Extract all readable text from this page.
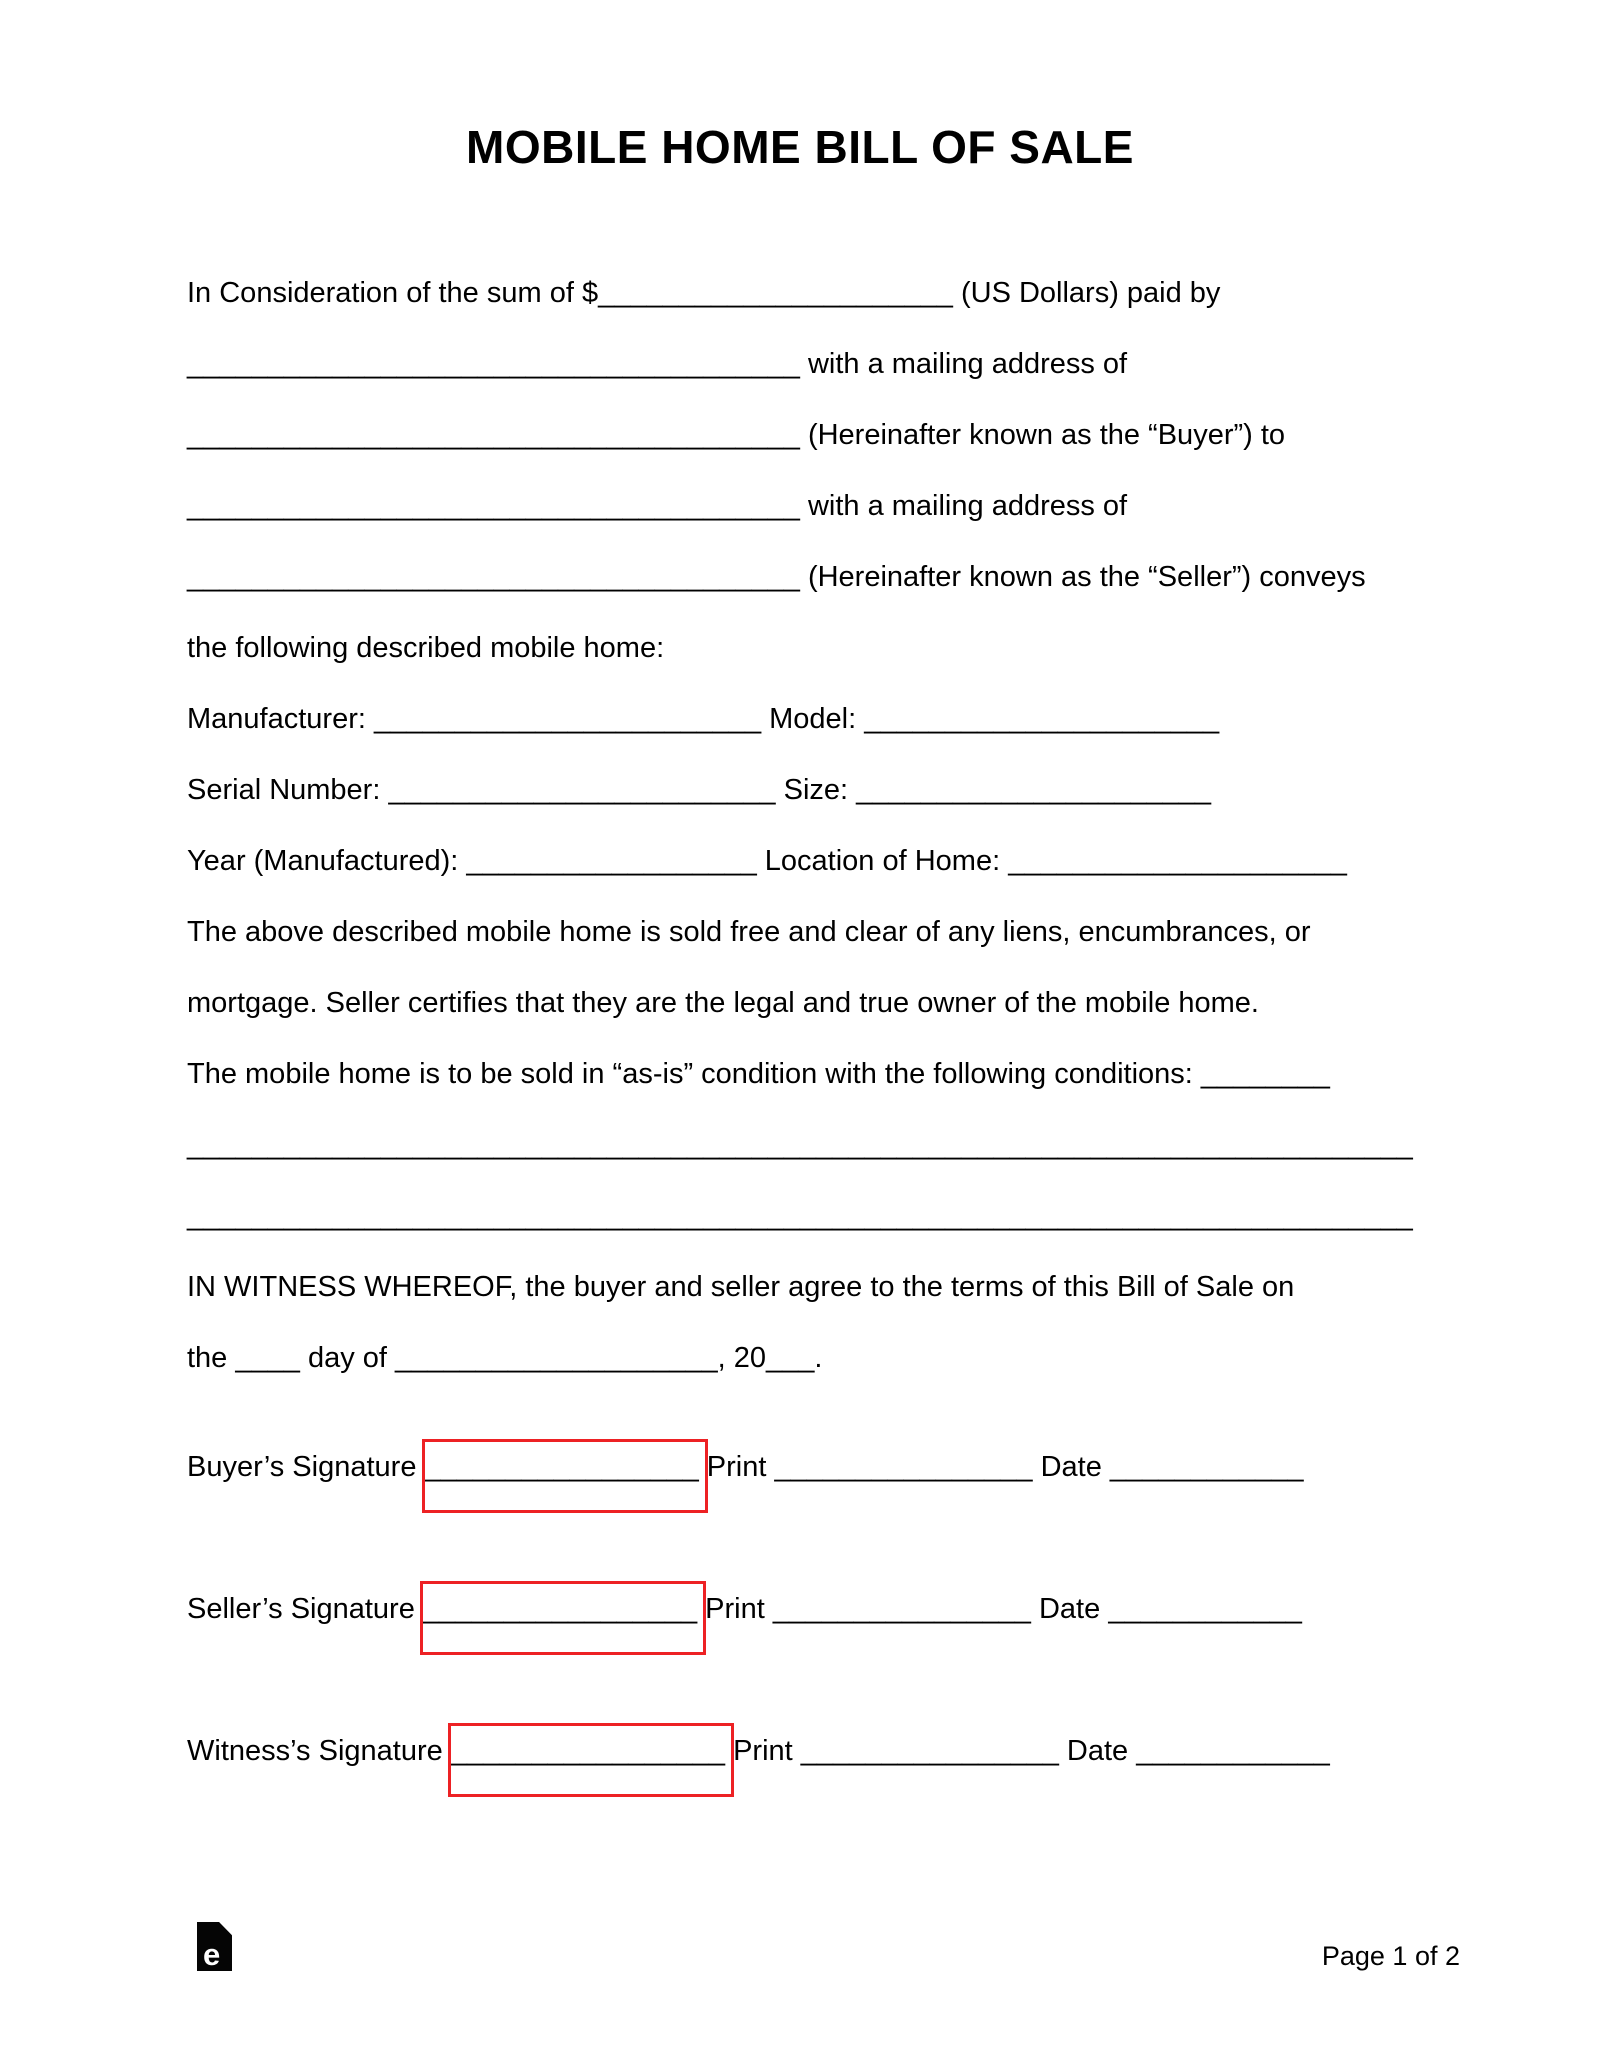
MOBILE HOME BILL OF SALE
In Consideration of the sum of $______________________ (US Dollars) paid by
______________________________________ with a mailing address of
______________________________________ (Hereinafter known as the “Buyer”) to
______________________________________ with a mailing address of
______________________________________ (Hereinafter known as the “Seller”) conveys
the following described mobile home:
Manufacturer: ________________________ Model: ______________________
Serial Number: ________________________ Size: ______________________
Year (Manufactured): __________________ Location of Home: _____________________
The above described mobile home is sold free and clear of any liens, encumbrances, or
mortgage. Seller certifies that they are the legal and true owner of the mobile home.
The mobile home is to be sold in “as-is” condition with the following conditions: ________
____________________________________________________________________________
____________________________________________________________________________
IN WITNESS WHEREOF, the buyer and seller agree to the terms of this Bill of Sale on
the ____ day of ____________________, 20___.
Buyer’s Signature _________________ Print ________________ Date ____________
Seller’s Signature _________________ Print ________________ Date ____________
Witness’s Signature _________________ Print ________________ Date ____________
e	Page 1 of 2
